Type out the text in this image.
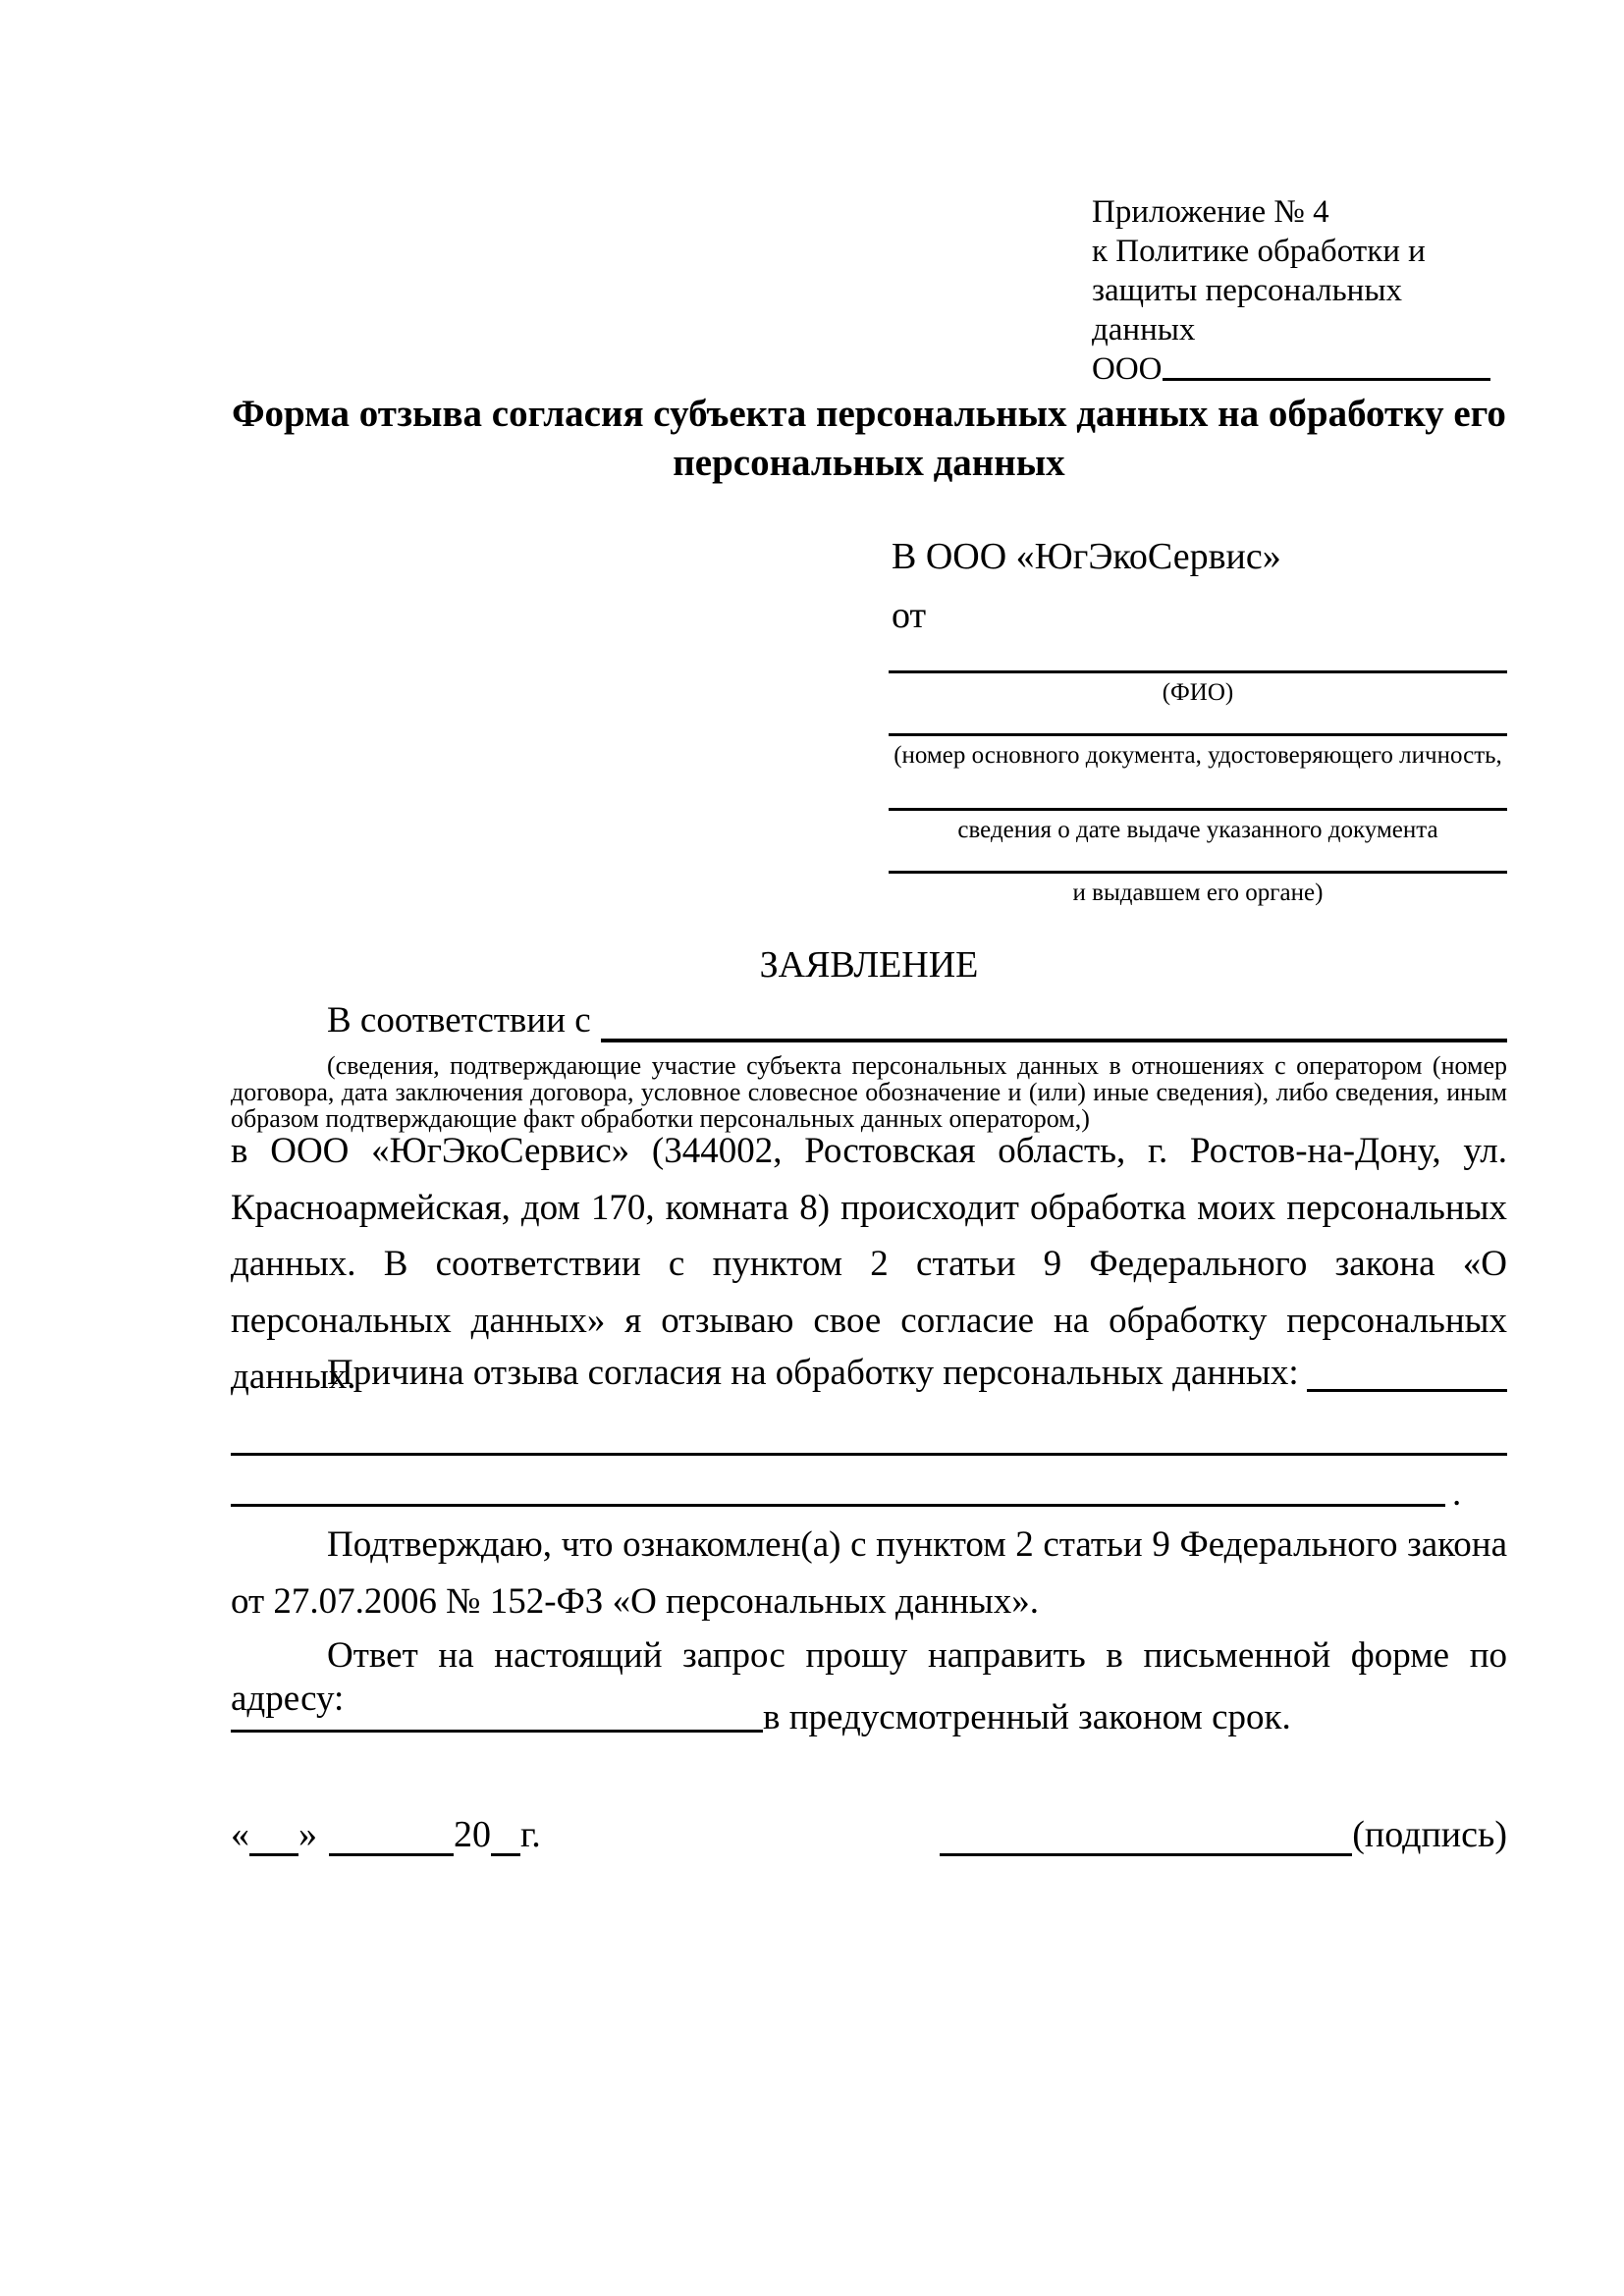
Приложение № 4
к Политике обработки и
защиты персональных данных
ООО
Форма отзыва согласия субъекта персональных данных на обработку его персональных данных
В ООО «ЮгЭкоСервис»
от
(ФИО)
(номер основного документа, удостоверяющего личность,
сведения о дате выдаче указанного документа
и выдавшем его органе)
ЗАЯВЛЕНИЕ
В соответствии с
(сведения, подтверждающие участие субъекта персональных данных в отношениях с оператором (номер договора, дата заключения договора, условное словесное обозначение и (или) иные сведения), либо сведения, иным образом подтверждающие факт обработки персональных данных оператором,)
в ООО «ЮгЭкоСервис» (344002, Ростовская область, г. Ростов-на-Дону, ул. Красноармейская, дом 170, комната 8) происходит обработка моих персональных данных. В соответствии с пунктом 2 статьи 9 Федерального закона «О персональных данных» я отзываю свое согласие на обработку персональных данных.
Причина отзыва согласия на обработку персональных данных:
.
Подтверждаю, что ознакомлен(а) с пунктом 2 статьи 9 Федерального закона от 27.07.2006 № 152-ФЗ «О персональных данных».
Ответ на настоящий запрос прошу направить в письменной форме по адресу:	в предусмотренный законом срок.
« »	20 г.	(подпись)
